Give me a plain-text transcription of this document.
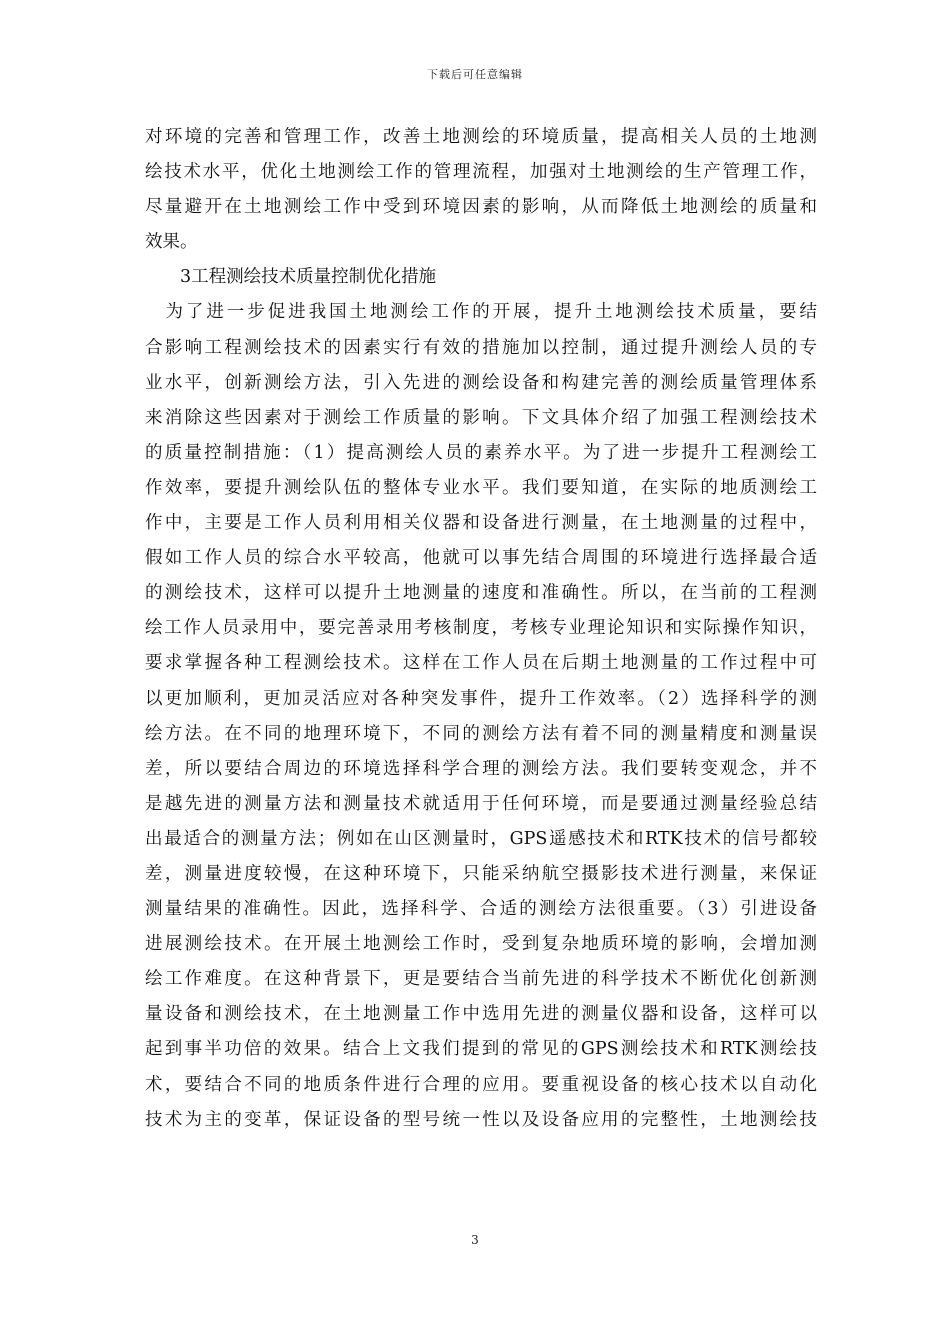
下载后可任意编辑
对环境的完善和管理工作，改善土地测绘的环境质量，提高相关人员的土地测
绘技术水平，优化土地测绘工作的管理流程，加强对土地测绘的生产管理工作，
尽量避开在土地测绘工作中受到环境因素的影响，从而降低土地测绘的质量和
效果。
3工程测绘技术质量控制优化措施
　为了进一步促进我国土地测绘工作的开展，提升土地测绘技术质量，要结
合影响工程测绘技术的因素实行有效的措施加以控制，通过提升测绘人员的专
业水平，创新测绘方法，引入先进的测绘设备和构建完善的测绘质量管理体系
来消除这些因素对于测绘工作质量的影响。下文具体介绍了加强工程测绘技术
的质量控制措施：（1）提高测绘人员的素养水平。为了进一步提升工程测绘工
作效率，要提升测绘队伍的整体专业水平。我们要知道，在实际的地质测绘工
作中，主要是工作人员利用相关仪器和设备进行测量，在土地测量的过程中，
假如工作人员的综合水平较高，他就可以事先结合周围的环境进行选择最合适
的测绘技术，这样可以提升土地测量的速度和准确性。所以，在当前的工程测
绘工作人员录用中，要完善录用考核制度，考核专业理论知识和实际操作知识，
要求掌握各种工程测绘技术。这样在工作人员在后期土地测量的工作过程中可
以更加顺利，更加灵活应对各种突发事件，提升工作效率。（2）选择科学的测
绘方法。在不同的地理环境下，不同的测绘方法有着不同的测量精度和测量误
差，所以要结合周边的环境选择科学合理的测绘方法。我们要转变观念，并不
是越先进的测量方法和测量技术就适用于任何环境，而是要通过测量经验总结
出最适合的测量方法；例如在山区测量时，GPS遥感技术和RTK技术的信号都较
差，测量进度较慢，在这种环境下，只能采纳航空摄影技术进行测量，来保证
测量结果的准确性。因此，选择科学、合适的测绘方法很重要。（3）引进设备
进展测绘技术。在开展土地测绘工作时，受到复杂地质环境的影响，会增加测
绘工作难度。在这种背景下，更是要结合当前先进的科学技术不断优化创新测
量设备和测绘技术，在土地测量工作中选用先进的测量仪器和设备，这样可以
起到事半功倍的效果。结合上文我们提到的常见的GPS测绘技术和RTK测绘技
术，要结合不同的地质条件进行合理的应用。要重视设备的核心技术以自动化
技术为主的变革，保证设备的型号统一性以及设备应用的完整性，土地测绘技
3
